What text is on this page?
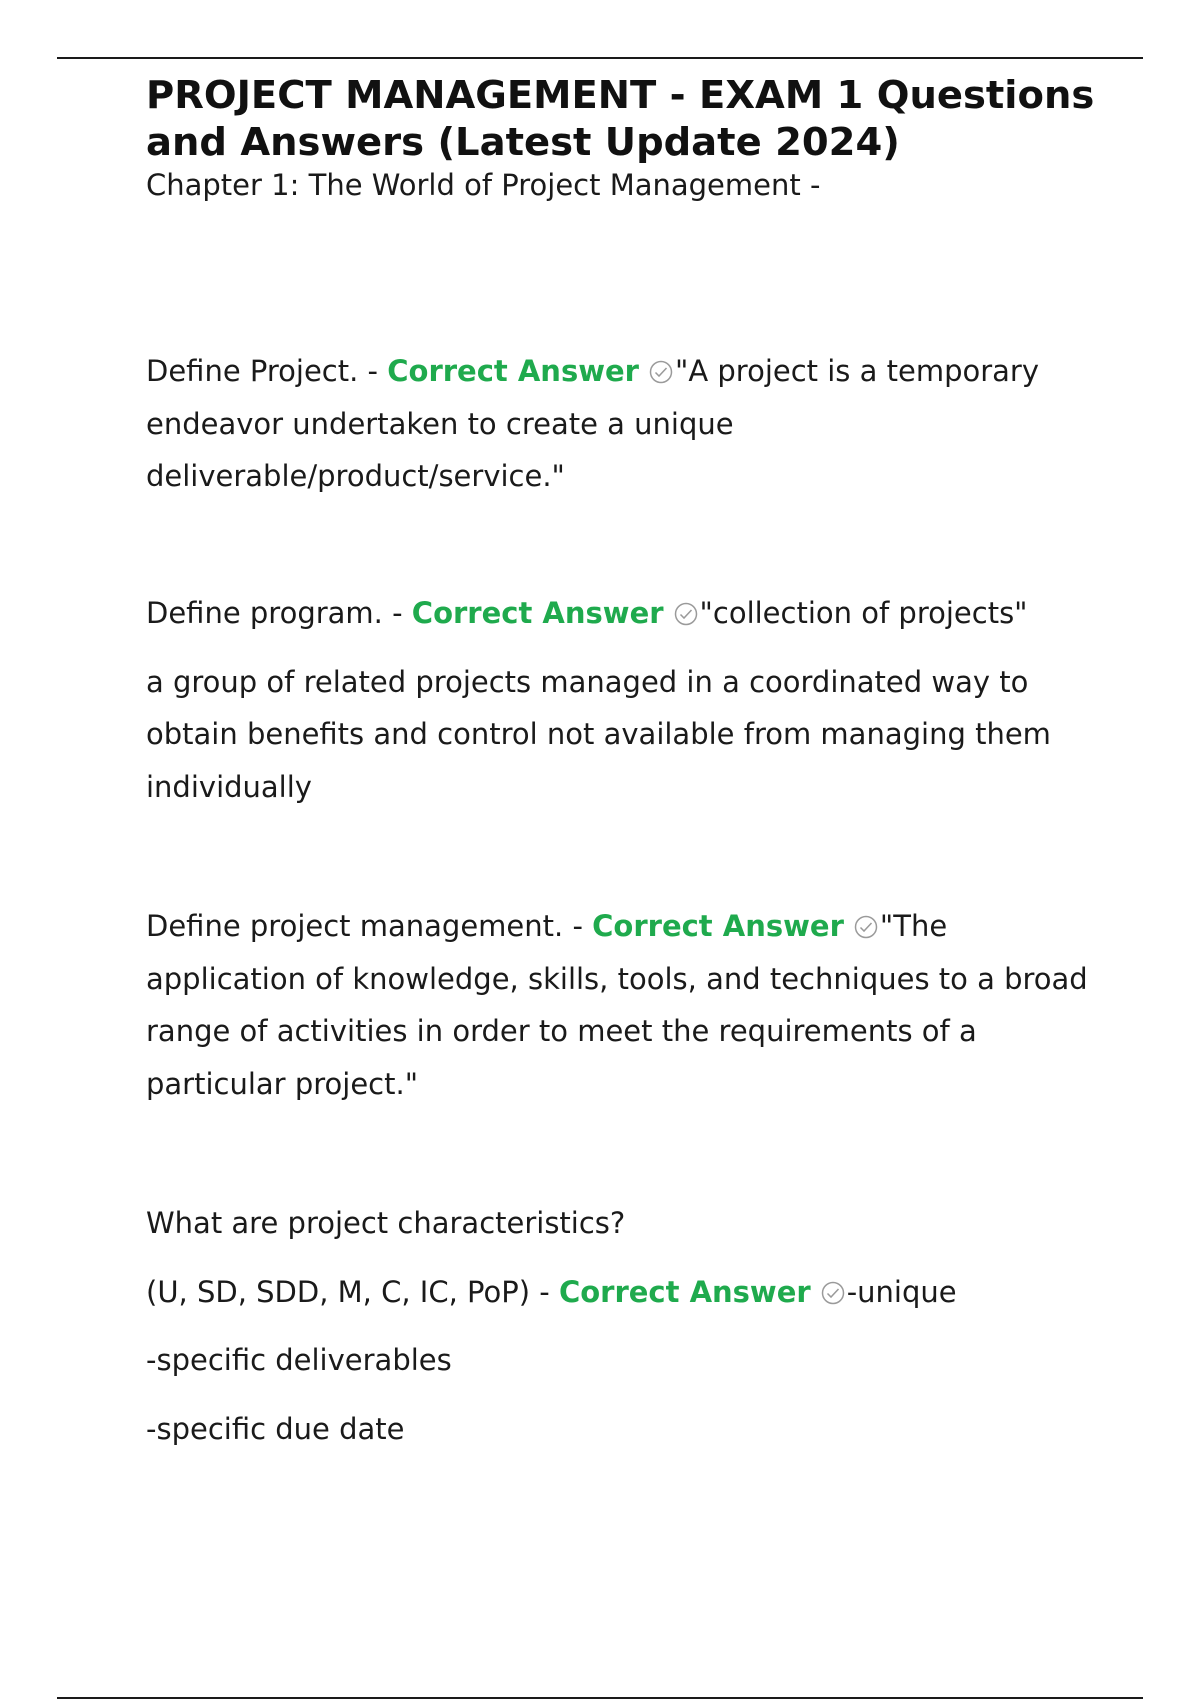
PROJECT MANAGEMENT - EXAM 1 Questions and Answers (Latest Update 2024)

Chapter 1: The World of Project Management -

Define Project. - Correct Answer "A project is a temporary endeavor undertaken to create a unique deliverable/product/service."

Define program. - Correct Answer "collection of projects"

a group of related projects managed in a coordinated way to obtain benefits and control not available from managing them individually

Define project management. - Correct Answer "The application of knowledge, skills, tools, and techniques to a broad range of activities in order to meet the requirements of a particular project."

What are project characteristics?

(U, SD, SDD, M, C, IC, PoP) - Correct Answer -unique

-specific deliverables

-specific due date
